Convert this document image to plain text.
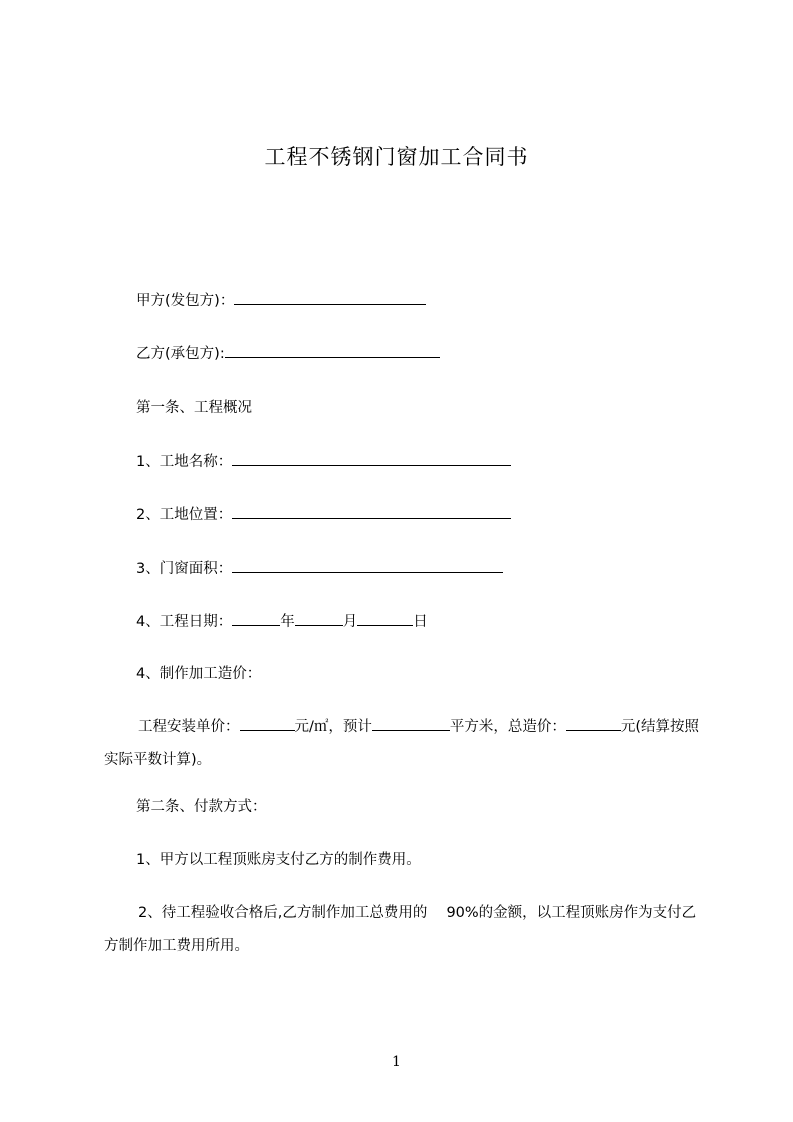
工程不锈钢门窗加工合同书
甲方(发包方)：
乙方(承包方):
第一条、工程概况
1、工地名称：
2、工地位置：
3、门窗面积：
4、工程日期：	年	月	日
4、制作加工造价：
工程安装单价：	元/㎡，预计	平方米，总造价：	元(结算按照实际平数计算)。
第二条、付款方式：
1、甲方以工程顶账房支付乙方的制作费用。
2、待工程验收合格后,乙方制作加工总费用的　 90%的金额，以工程顶账房作为支付乙方制作加工费用所用。
1
